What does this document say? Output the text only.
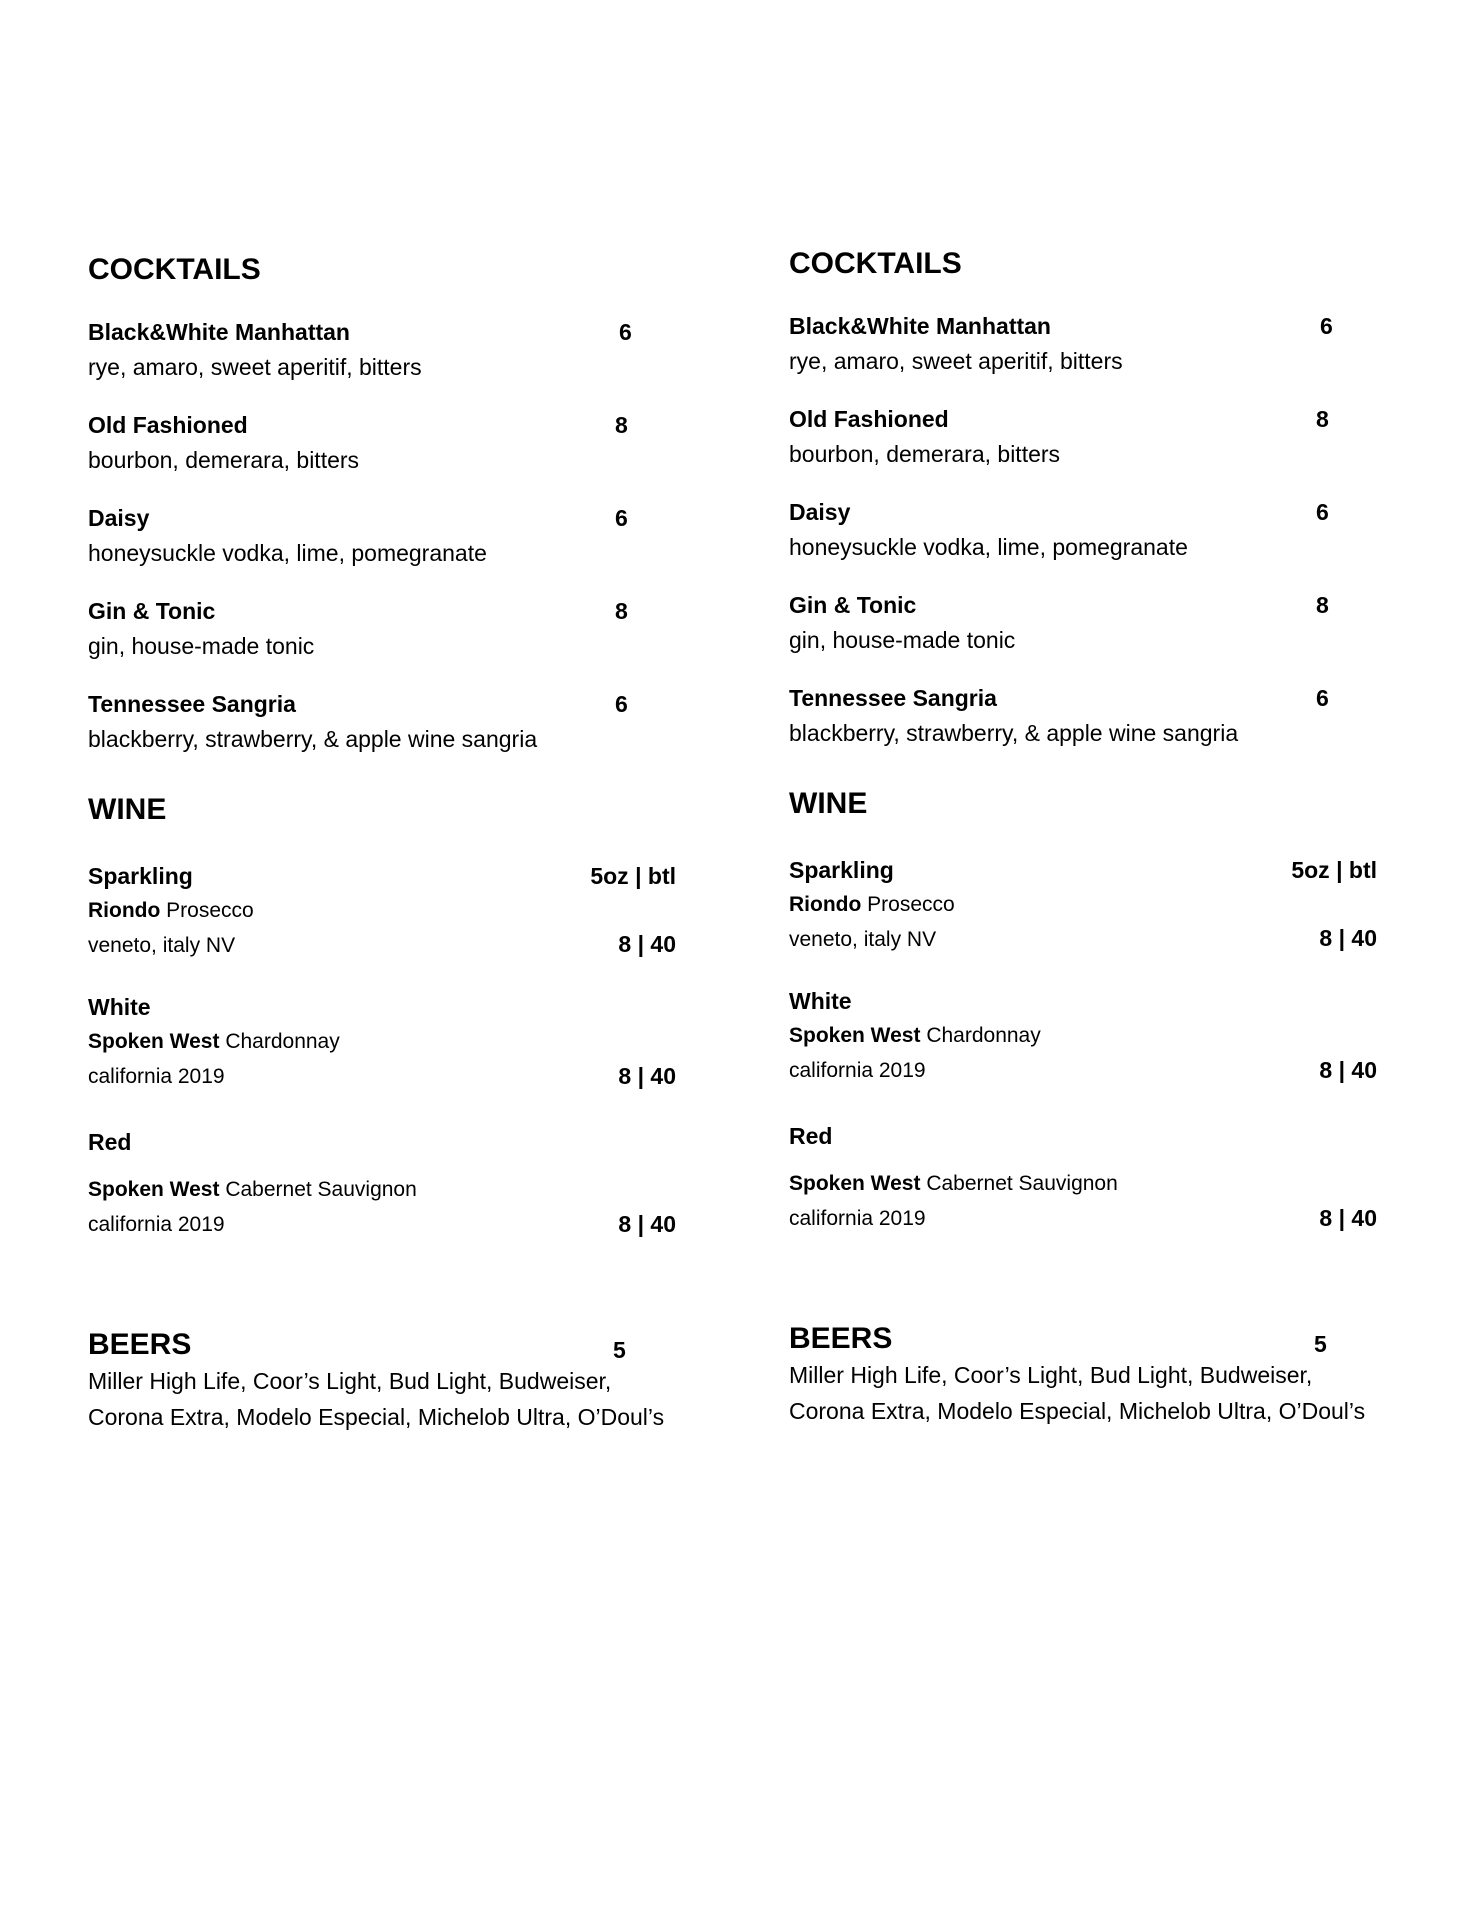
COCKTAILS
Black&White Manhattan	6
rye, amaro, sweet aperitif, bitters
Old Fashioned	8
bourbon, demerara, bitters
Daisy	6
honeysuckle vodka, lime, pomegranate
Gin & Tonic	8
gin, house-made tonic
Tennessee Sangria	6
blackberry, strawberry, & apple wine sangria
WINE
Sparkling	5oz | btl
Riondo Prosecco
veneto, italy NV	8 | 40
White
Spoken West Chardonnay
california 2019	8 | 40
Red
Spoken West Cabernet Sauvignon
california 2019	8 | 40
BEERS	5
Miller High Life, Coor’s Light, Bud Light, Budweiser, Corona Extra, Modelo Especial, Michelob Ultra, O’Doul’s
COCKTAILS
Black&White Manhattan	6
rye, amaro, sweet aperitif, bitters
Old Fashioned	8
bourbon, demerara, bitters
Daisy	6
honeysuckle vodka, lime, pomegranate
Gin & Tonic	8
gin, house-made tonic
Tennessee Sangria	6
blackberry, strawberry, & apple wine sangria
WINE
Sparkling	5oz | btl
Riondo Prosecco
veneto, italy NV	8 | 40
White
Spoken West Chardonnay
california 2019	8 | 40
Red
Spoken West Cabernet Sauvignon
california 2019	8 | 40
BEERS	5
Miller High Life, Coor’s Light, Bud Light, Budweiser, Corona Extra, Modelo Especial, Michelob Ultra, O’Doul’s
